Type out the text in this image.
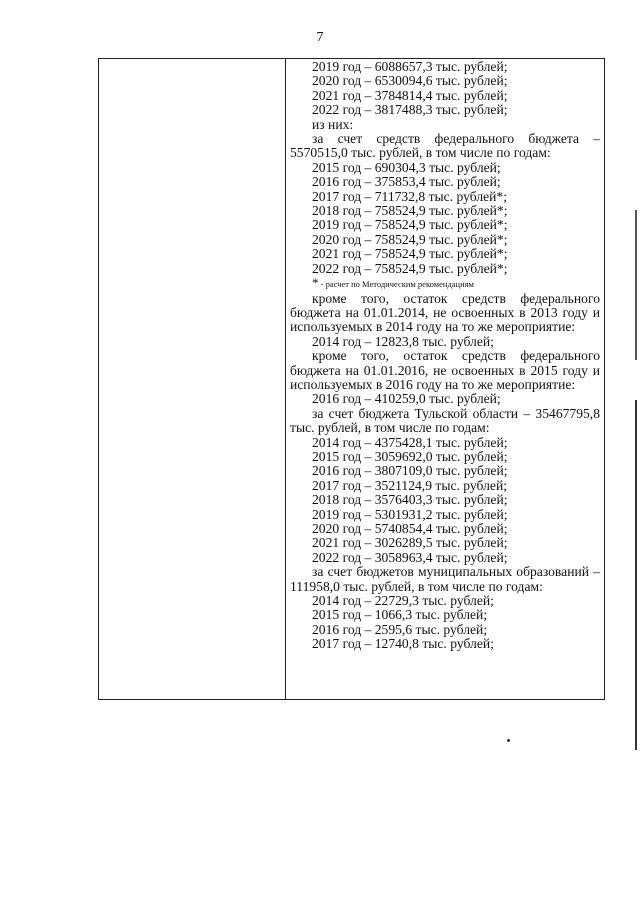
7

2019 год – 6088657,3 тыс. рублей;

2020 год – 6530094,6 тыс. рублей;

2021 год – 3784814,4 тыс. рублей;

2022 год – 3817488,3 тыс. рублей;

из них:

за счет средств федерального бюджета – 5570515,0 тыс. рублей, в том числе по годам:

2015 год – 690304,3 тыс. рублей;

2016 год – 375853,4 тыс. рублей;

2017 год – 711732,8 тыс. рублей*;

2018 год – 758524,9 тыс. рублей*;

2019 год – 758524,9 тыс. рублей*;

2020 год – 758524,9 тыс. рублей*;

2021 год – 758524,9 тыс. рублей*;

2022 год – 758524,9 тыс. рублей*;

* - расчет по Методическим рекомендациям

кроме того, остаток средств федерального бюджета на 01.01.2014, не освоенных в 2013 году и используемых в 2014 году на то же мероприятие:

2014 год – 12823,8 тыс. рублей;

кроме того, остаток средств федерального бюджета на 01.01.2016, не освоенных в 2015 году и используемых в 2016 году на то же мероприятие:

2016 год – 410259,0 тыс. рублей;

за счет бюджета Тульской области – 35467795,8 тыс. рублей, в том числе по годам:

2014 год – 4375428,1 тыс. рублей;

2015 год – 3059692,0 тыс. рублей;

2016 год – 3807109,0 тыс. рублей;

2017 год – 3521124,9 тыс. рублей;

2018 год – 3576403,3 тыс. рублей;

2019 год – 5301931,2 тыс. рублей;

2020 год – 5740854,4 тыс. рублей;

2021 год – 3026289,5 тыс. рублей;

2022 год – 3058963,4 тыс. рублей;

за счет бюджетов муниципальных образований – 111958,0 тыс. рублей, в том числе по годам:

2014 год – 22729,3 тыс. рублей;

2015 год – 1066,3 тыс. рублей;

2016 год – 2595,6 тыс. рублей;

2017 год – 12740,8 тыс. рублей;
